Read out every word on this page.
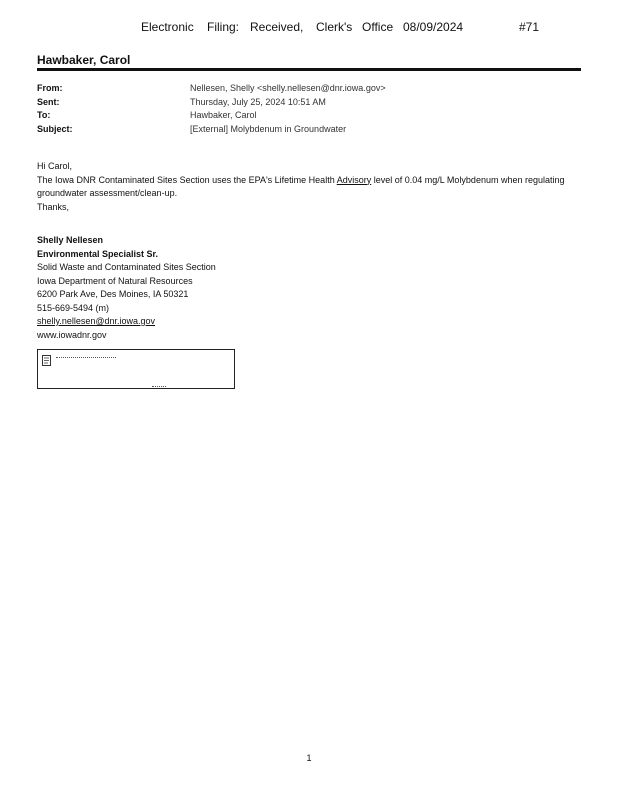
Electronic Filing: Received, Clerk's Office 08/09/2024	#71
Hawbaker, Carol
From:	Nellesen, Shelly <shelly.nellesen@dnr.iowa.gov>
Sent:	Thursday, July 25, 2024 10:51 AM
To:	Hawbaker, Carol
Subject:	[External] Molybdenum in Groundwater

Hi Carol,

The Iowa DNR Contaminated Sites Section uses the EPA's Lifetime Health Advisory level of 0.04 mg/L Molybdenum when regulating groundwater assessment/clean-up.

Thanks,

Shelly Nellesen

Environmental Specialist Sr.

Solid Waste and Contaminated Sites Section

Iowa Department of Natural Resources

6200 Park Ave, Des Moines, IA 50321

515-669-5494 (m)

shelly.nellesen@dnr.iowa.gov

www.iowadnr.gov

1
